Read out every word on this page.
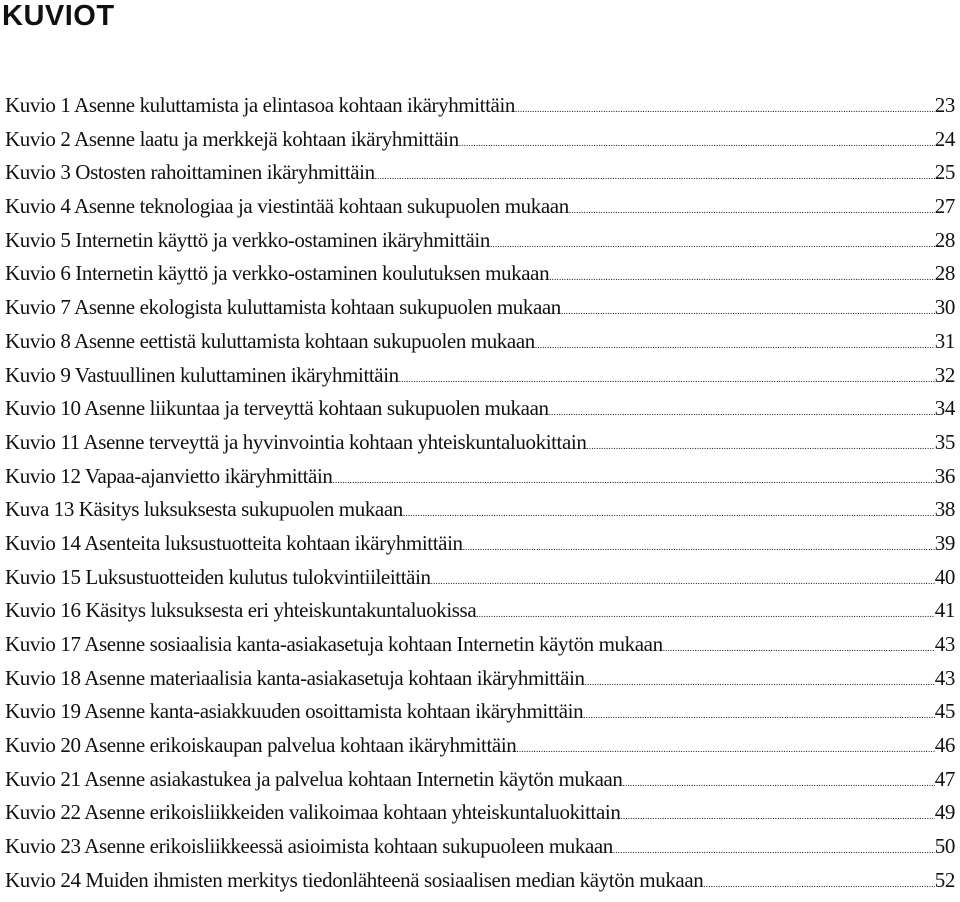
KUVIOT
Kuvio 1 Asenne kuluttamista ja elintasoa kohtaan ikäryhmittäin .....	23
Kuvio 2 Asenne laatu ja merkkejä kohtaan ikäryhmittäin .....	24
Kuvio 3 Ostosten rahoittaminen ikäryhmittäin .....	25
Kuvio 4 Asenne teknologiaa ja viestintää kohtaan sukupuolen mukaan .....	27
Kuvio 5 Internetin käyttö ja verkko-ostaminen ikäryhmittäin .....	28
Kuvio 6 Internetin käyttö ja verkko-ostaminen koulutuksen mukaan .....	28
Kuvio 7 Asenne ekologista kuluttamista kohtaan sukupuolen mukaan .....	30
Kuvio 8 Asenne eettistä kuluttamista kohtaan sukupuolen mukaan .....	31
Kuvio 9 Vastuullinen kuluttaminen ikäryhmittäin .....	32
Kuvio 10 Asenne liikuntaa ja terveyttä kohtaan sukupuolen mukaan .....	34
Kuvio 11 Asenne terveyttä ja hyvinvointia kohtaan yhteiskuntaluokittain .....	35
Kuvio 12 Vapaa-ajanvietto ikäryhmittäin .....	36
Kuva 13 Käsitys luksuksesta sukupuolen mukaan .....	38
Kuvio 14 Asenteita luksustuotteita kohtaan ikäryhmittäin .....	39
Kuvio 15 Luksustuotteiden kulutus tulokvintiileittäin .....	40
Kuvio 16 Käsitys luksuksesta eri yhteiskuntakuntaluokissa .....	41
Kuvio 17 Asenne sosiaalisia kanta-asiakasetuja kohtaan Internetin käytön mukaan .....	43
Kuvio 18 Asenne materiaalisia kanta-asiakasetuja kohtaan ikäryhmittäin .....	43
Kuvio 19 Asenne kanta-asiakkuuden osoittamista kohtaan ikäryhmittäin .....	45
Kuvio 20 Asenne erikoiskaupan palvelua kohtaan ikäryhmittäin .....	46
Kuvio 21 Asenne asiakastukea ja palvelua kohtaan Internetin käytön mukaan .....	47
Kuvio 22 Asenne erikoisliikkeiden valikoimaa kohtaan yhteiskuntaluokittain .....	49
Kuvio 23 Asenne erikoisliikkeessä asioimista kohtaan sukupuoleen mukaan .....	50
Kuvio 24 Muiden ihmisten merkitys tiedonlähteenä sosiaalisen median käytön mukaan .....	52
